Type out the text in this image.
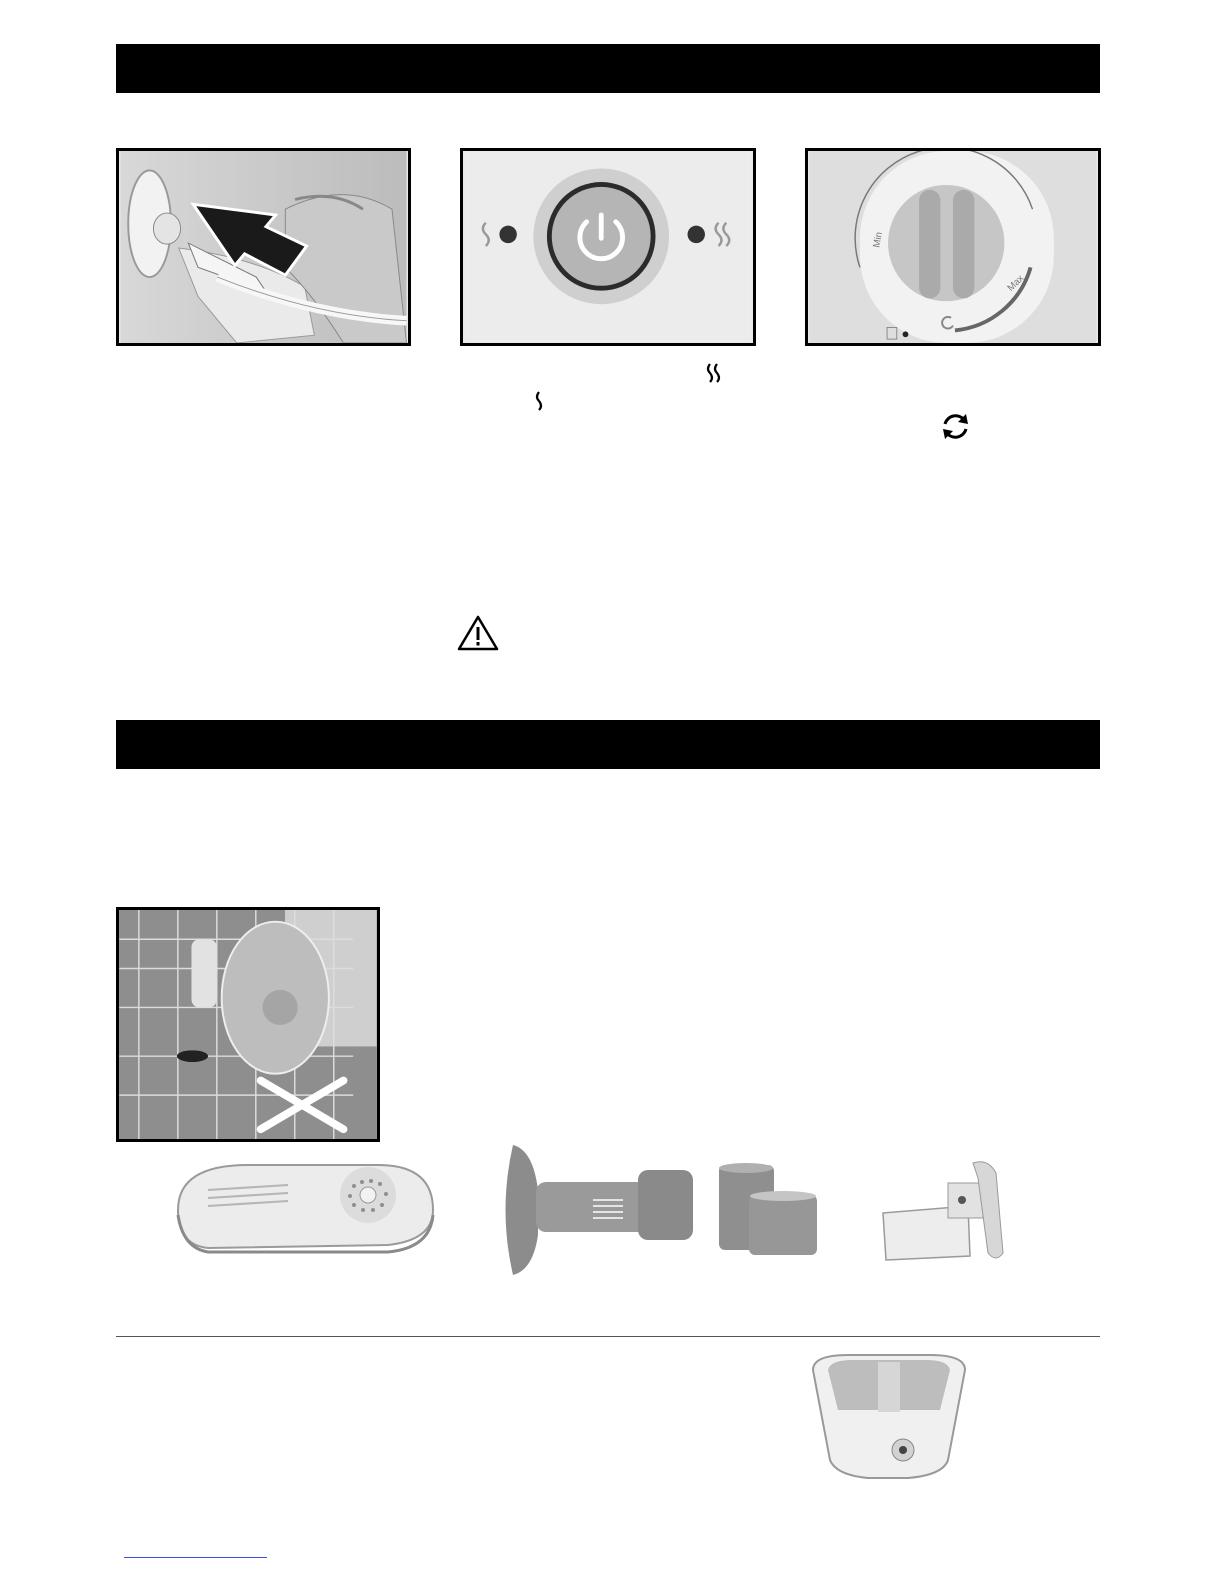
Min
Max
